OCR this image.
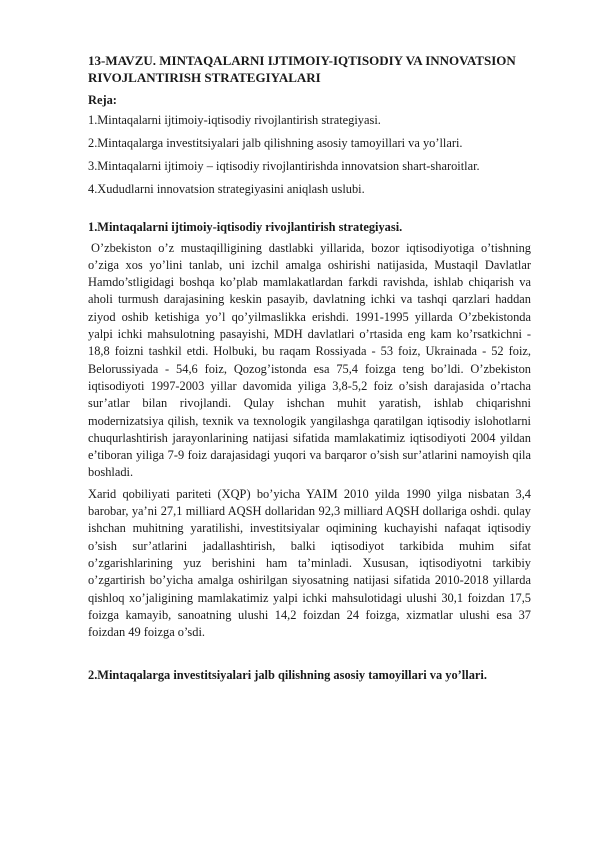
13-MAVZU. MINTAQALARNI IJTIMOIY-IQTISODIY VA INNOVATSION RIVOJLANTIRISH STRATEGIYALARI
Reja:
1.Mintaqalarni ijtimoiy-iqtisodiy rivojlantirish strategiyasi.
2.Mintaqalarga investitsiyalari jalb qilishning asosiy tamoyillari va yo’llari.
3.Mintaqalarni ijtimoiy – iqtisodiy rivojlantirishda innovatsion shart-sharoitlar.
4.Xududlarni innovatsion strategiyasini aniqlash uslubi.
1.Mintaqalarni ijtimoiy-iqtisodiy rivojlantirish strategiyasi.

O’zbekiston o’z mustaqilligining dastlabki yillarida, bozor iqtisodiyotiga o’tishning o’ziga xos yo’lini tanlab, uni izchil amalga oshirishi natijasida, Mustaqil Davlatlar Hamdo’stligidagi boshqa ko’plab mamlakatlardan farkdi ravishda, ishlab chiqarish va aholi turmush darajasining keskin pasayib, davlatning ichki va tashqi qarzlari haddan ziyod oshib ketishiga yo’l qo’yilmaslikka erishdi. 1991-1995 yillarda O’zbekistonda yalpi ichki mahsulotning pasayishi, MDH davlatlari o’rtasida eng kam ko’rsatkichni - 18,8 foizni tashkil etdi. Holbuki, bu raqam Rossiyada - 53 foiz, Ukrainada - 52 foiz, Belorussiyada - 54,6 foiz, Qozog’istonda esa 75,4 foizga teng bo’ldi. O’zbekiston iqtisodiyoti 1997-2003 yillar davomida yiliga 3,8-5,2 foiz o’sish darajasida o’rtacha sur’atlar bilan rivojlandi. Qulay ishchan muhit yaratish, ishlab chiqarishni modernizatsiya qilish, texnik va texnologik yangilashga qaratilgan iqtisodiy islohotlarni chuqurlashtirish jarayonlarining natijasi sifatida mamlakatimiz iqtisodiyoti 2004 yildan e’tiboran yiliga 7-9 foiz darajasidagi yuqori va barqaror o’sish sur’atlarini namoyish qila boshladi.

Xarid qobiliyati pariteti (XQP) bo’yicha YAIM 2010 yilda 1990 yilga nisbatan 3,4 barobar, ya’ni 27,1 milliard AQSH dollaridan 92,3 milliard AQSH dollariga oshdi. qulay ishchan muhitning yaratilishi, investitsiyalar oqimining kuchayishi nafaqat iqtisodiy o’sish sur’atlarini jadallashtirish, balki iqtisodiyot tarkibida muhim sifat o’zgarishlarining yuz berishini ham ta’minladi. Xususan, iqtisodiyotni tarkibiy o’zgartirish bo’yicha amalga oshirilgan siyosatning natijasi sifatida 2010-2018 yillarda qishloq xo’jaligining mamlakatimiz yalpi ichki mahsulotidagi ulushi 30,1 foizdan 17,5 foizga kamayib, sanoatning ulushi 14,2 foizdan 24 foizga, xizmatlar ulushi esa 37 foizdan 49 foizga o’sdi.

2.Mintaqalarga investitsiyalari jalb qilishning asosiy tamoyillari va yo’llari.
